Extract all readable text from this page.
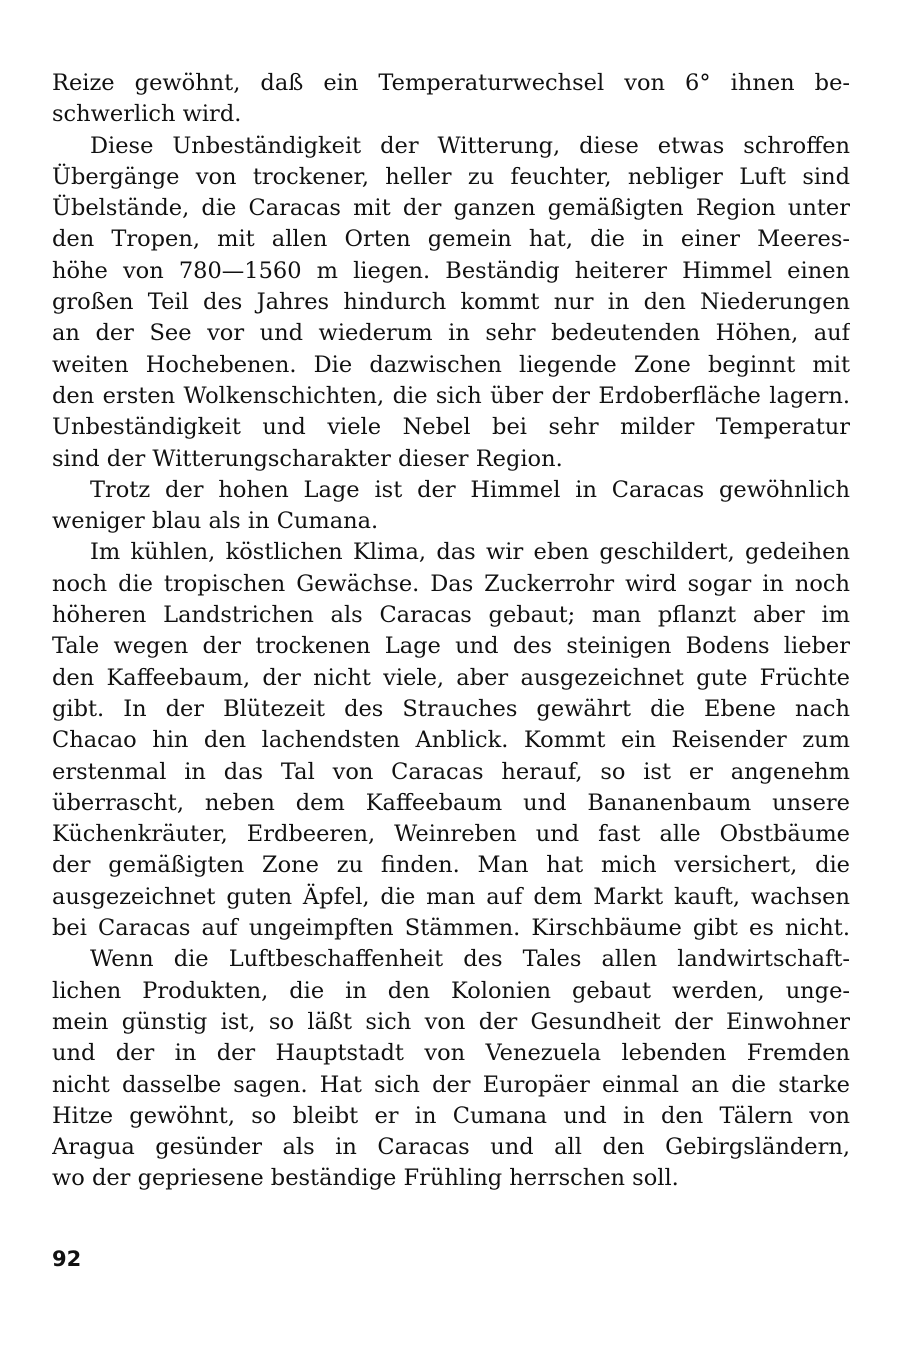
Reize gewöhnt, daß ein Temperaturwechsel von 6° ihnen be-
schwerlich wird.
Diese Unbeständigkeit der Witterung, diese etwas schroffen
Übergänge von trockener, heller zu feuchter, nebliger Luft sind
Übelstände, die Caracas mit der ganzen gemäßigten Region unter
den Tropen, mit allen Orten gemein hat, die in einer Meeres-
höhe von 780—1560 m liegen. Beständig heiterer Himmel einen
großen Teil des Jahres hindurch kommt nur in den Niederungen
an der See vor und wiederum in sehr bedeutenden Höhen, auf
weiten Hochebenen. Die dazwischen liegende Zone beginnt mit
den ersten Wolkenschichten, die sich über der Erdoberfläche lagern.
Unbeständigkeit und viele Nebel bei sehr milder Temperatur
sind der Witterungscharakter dieser Region.
Trotz der hohen Lage ist der Himmel in Caracas gewöhnlich
weniger blau als in Cumana.
Im kühlen, köstlichen Klima, das wir eben geschildert, gedeihen
noch die tropischen Gewächse. Das Zuckerrohr wird sogar in noch
höheren Landstrichen als Caracas gebaut; man pflanzt aber im
Tale wegen der trockenen Lage und des steinigen Bodens lieber
den Kaffeebaum, der nicht viele, aber ausgezeichnet gute Früchte
gibt. In der Blütezeit des Strauches gewährt die Ebene nach
Chacao hin den lachendsten Anblick. Kommt ein Reisender zum
erstenmal in das Tal von Caracas herauf, so ist er angenehm
überrascht, neben dem Kaffeebaum und Bananenbaum unsere
Küchenkräuter, Erdbeeren, Weinreben und fast alle Obstbäume
der gemäßigten Zone zu finden. Man hat mich versichert, die
ausgezeichnet guten Äpfel, die man auf dem Markt kauft, wachsen
bei Caracas auf ungeimpften Stämmen. Kirschbäume gibt es nicht.
Wenn die Luftbeschaffenheit des Tales allen landwirtschaft-
lichen Produkten, die in den Kolonien gebaut werden, unge-
mein günstig ist, so läßt sich von der Gesundheit der Einwohner
und der in der Hauptstadt von Venezuela lebenden Fremden
nicht dasselbe sagen. Hat sich der Europäer einmal an die starke
Hitze gewöhnt, so bleibt er in Cumana und in den Tälern von
Aragua gesünder als in Caracas und all den Gebirgsländern,
wo der gepriesene beständige Frühling herrschen soll.
92
